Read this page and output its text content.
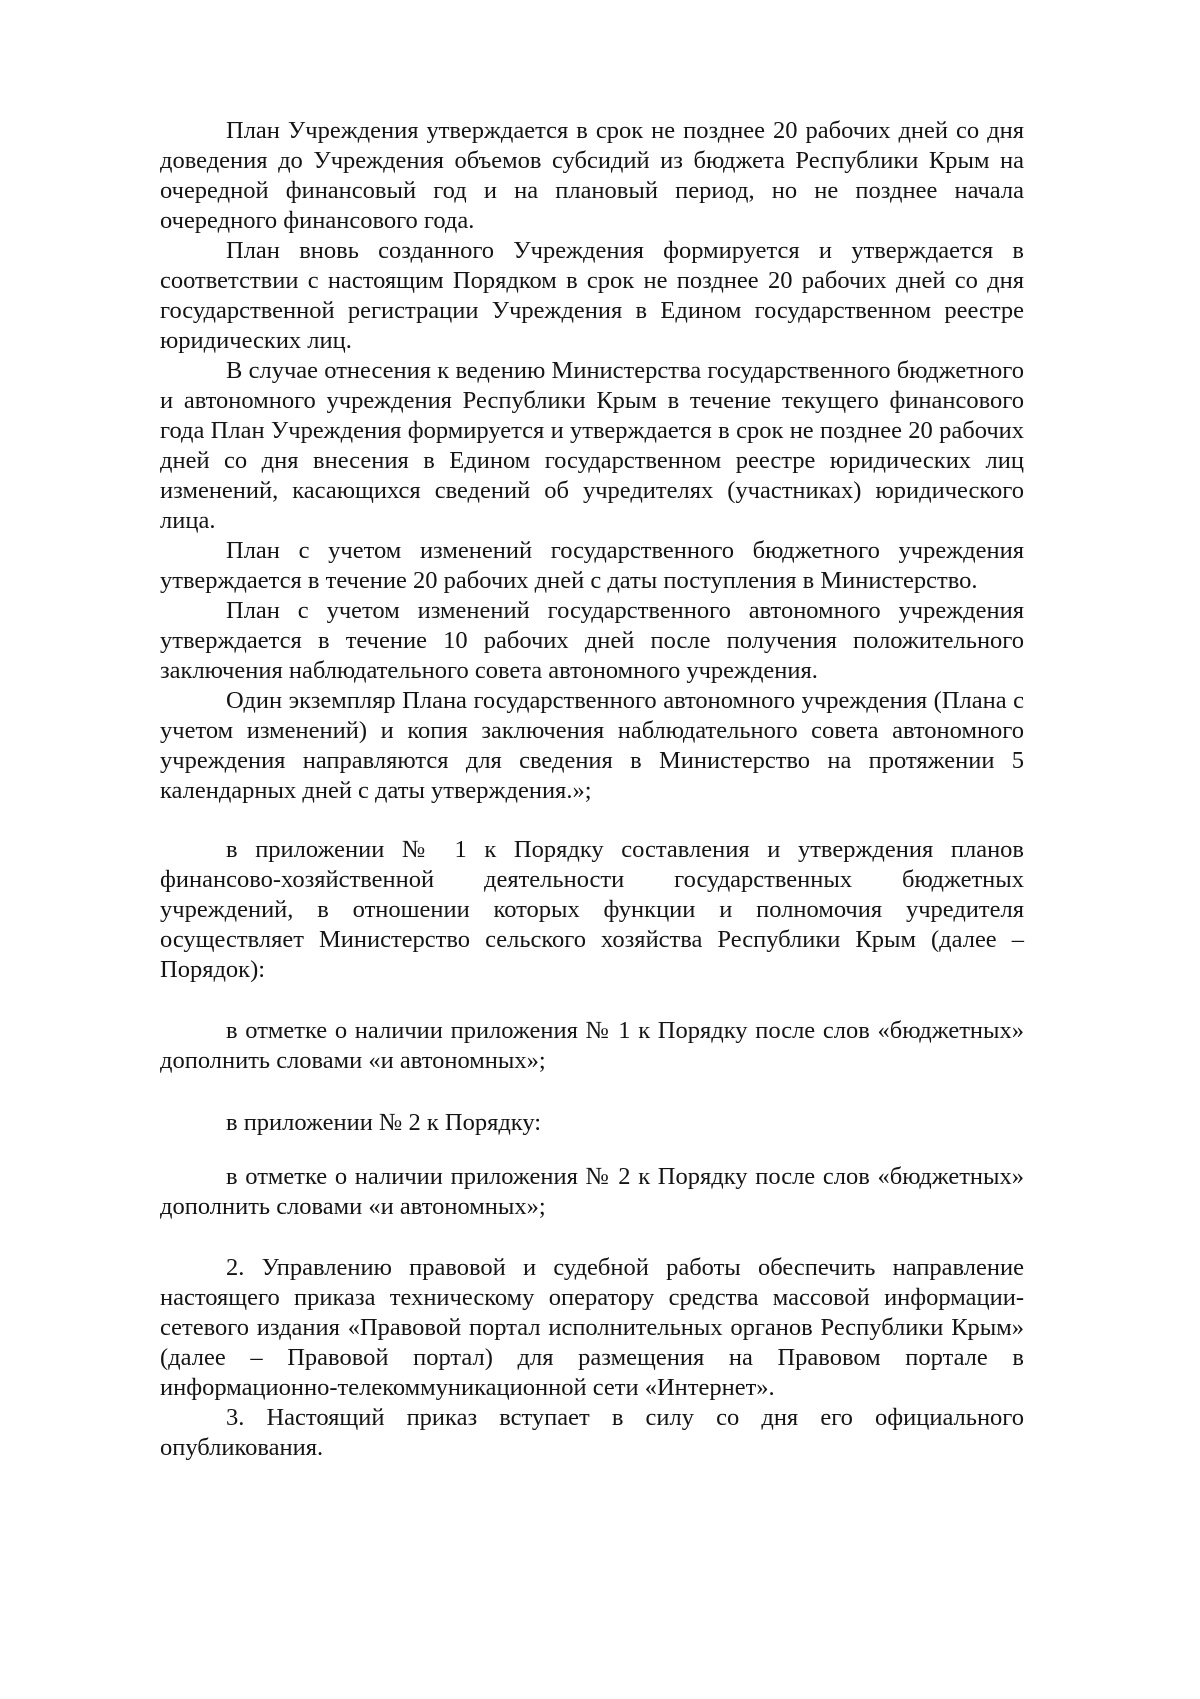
План Учреждения утверждается в срок не позднее 20 рабочих дней со дня доведения до Учреждения объемов субсидий из бюджета Республики Крым на очередной финансовый год и на плановый период, но не позднее начала очередного финансового года.

План вновь созданного Учреждения формируется и утверждается в соответствии с настоящим Порядком в срок не позднее 20 рабочих дней со дня государственной регистрации Учреждения в Едином государственном реестре юридических лиц.

В случае отнесения к ведению Министерства государственного бюджетного и автономного учреждения Республики Крым в течение текущего финансового года План Учреждения формируется и утверждается в срок не позднее 20 рабочих дней со дня внесения в Едином государственном реестре юридических лиц изменений, касающихся сведений об учредителях (участниках) юридического лица.

План с учетом изменений государственного бюджетного учреждения утверждается в течение 20 рабочих дней с даты поступления в Министерство.

План с учетом изменений государственного автономного учреждения утверждается в течение 10 рабочих дней после получения положительного заключения наблюдательного совета автономного учреждения.

Один экземпляр Плана государственного автономного учреждения (Плана с учетом изменений) и копия заключения наблюдательного совета автономного учреждения направляются для сведения в Министерство на протяжении 5 календарных дней с даты утверждения.»;

в приложении № 1 к Порядку составления и утверждения планов финансово-хозяйственной деятельности государственных бюджетных учреждений, в отношении которых функции и полномочия учредителя осуществляет Министерство сельского хозяйства Республики Крым (далее – Порядок):

в отметке о наличии приложения № 1 к Порядку после слов «бюджетных» дополнить словами «и автономных»;

в приложении № 2 к Порядку:

в отметке о наличии приложения № 2 к Порядку после слов «бюджетных» дополнить словами «и автономных»;

2. Управлению правовой и судебной работы обеспечить направление настоящего приказа техническому оператору средства массовой информации-сетевого издания «Правовой портал исполнительных органов Республики Крым» (далее – Правовой портал) для размещения на Правовом портале в информационно-телекоммуникационной сети «Интернет».

3. Настоящий приказ вступает в силу со дня его официального опубликования.
